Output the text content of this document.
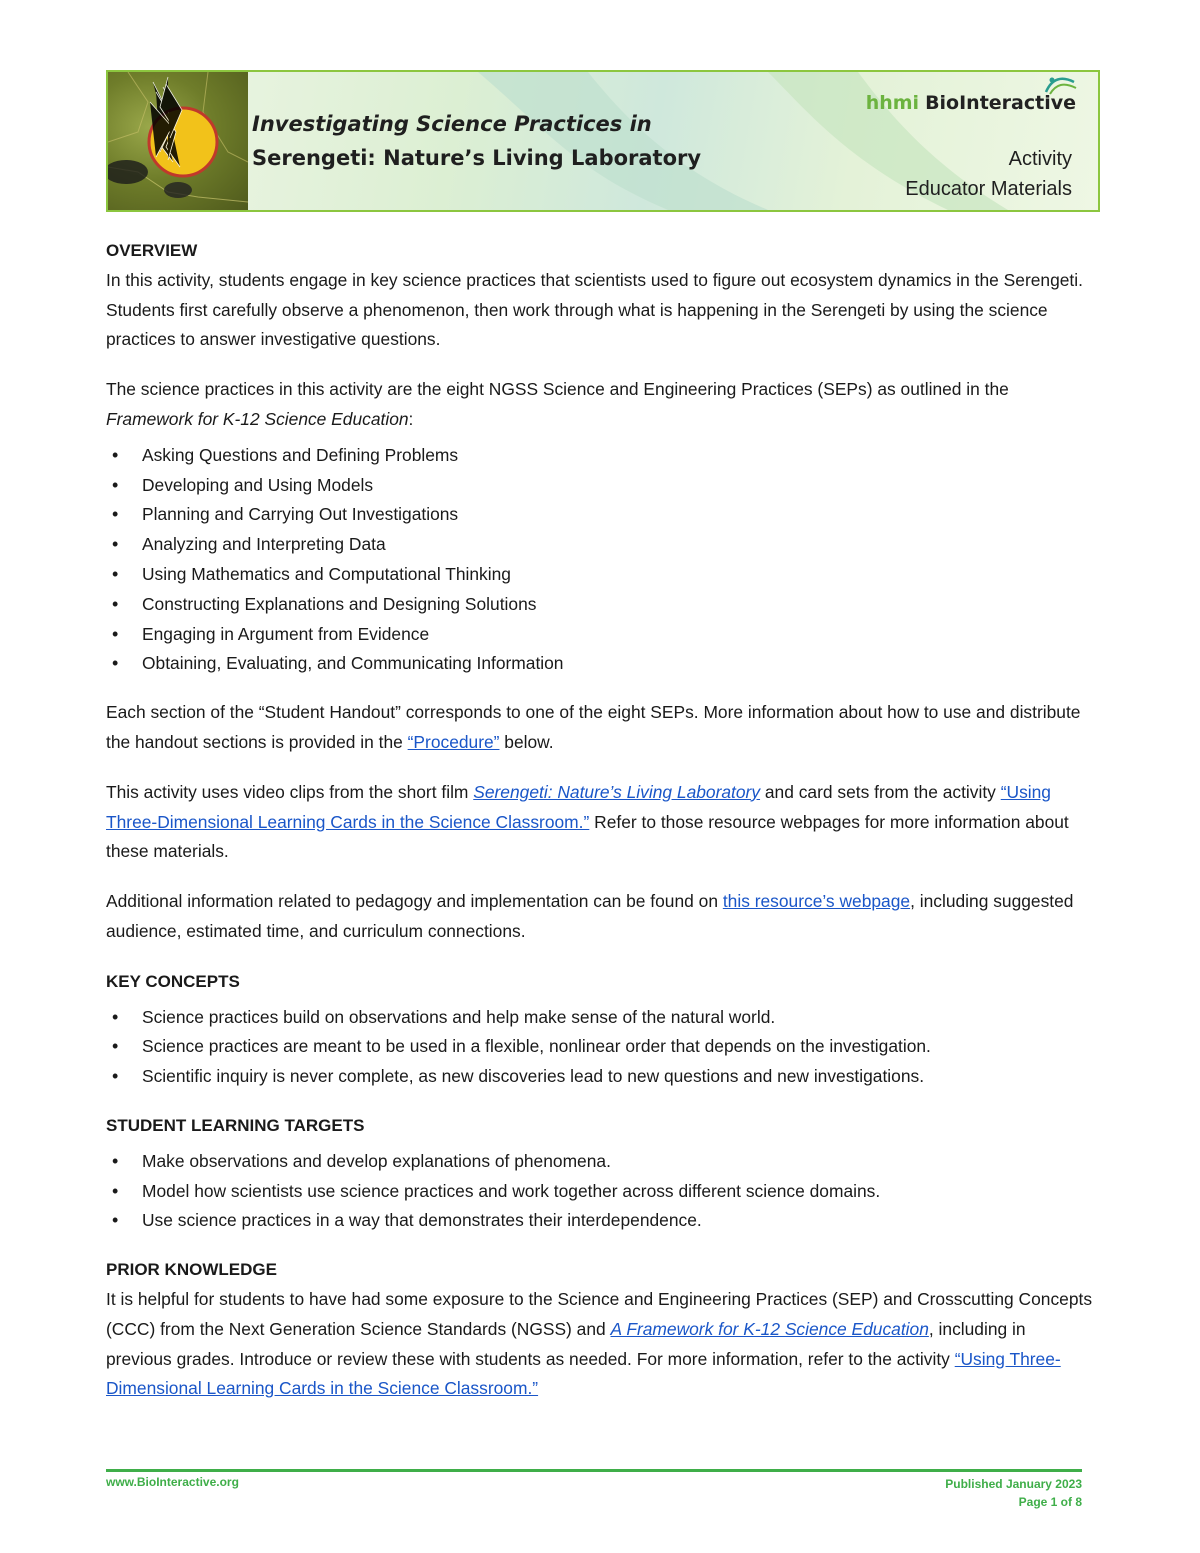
Investigating Science Practices in
Serengeti: Nature’s Living Laboratory
hhmi BioInteractive
Activity
Educator Materials
OVERVIEW

In this activity, students engage in key science practices that scientists used to figure out ecosystem dynamics in the Serengeti. Students first carefully observe a phenomenon, then work through what is happening in the Serengeti by using the science practices to answer investigative questions.

The science practices in this activity are the eight NGSS Science and Engineering Practices (SEPs) as outlined in the Framework for K-12 Science Education:

• Asking Questions and Defining Problems
• Developing and Using Models
• Planning and Carrying Out Investigations
• Analyzing and Interpreting Data
• Using Mathematics and Computational Thinking
• Constructing Explanations and Designing Solutions
• Engaging in Argument from Evidence
• Obtaining, Evaluating, and Communicating Information

Each section of the “Student Handout” corresponds to one of the eight SEPs. More information about how to use and distribute the handout sections is provided in the “Procedure” below.

This activity uses video clips from the short film Serengeti: Nature’s Living Laboratory and card sets from the activity “Using Three-Dimensional Learning Cards in the Science Classroom.” Refer to those resource webpages for more information about these materials.

Additional information related to pedagogy and implementation can be found on this resource’s webpage, including suggested audience, estimated time, and curriculum connections.

KEY CONCEPTS
• Science practices build on observations and help make sense of the natural world.
• Science practices are meant to be used in a flexible, nonlinear order that depends on the investigation.
• Scientific inquiry is never complete, as new discoveries lead to new questions and new investigations.
STUDENT LEARNING TARGETS
• Make observations and develop explanations of phenomena.
• Model how scientists use science practices and work together across different science domains.
• Use science practices in a way that demonstrates their interdependence.
PRIOR KNOWLEDGE

It is helpful for students to have had some exposure to the Science and Engineering Practices (SEP) and Crosscutting Concepts (CCC) from the Next Generation Science Standards (NGSS) and A Framework for K-12 Science Education, including in previous grades. Introduce or review these with students as needed. For more information, refer to the activity “Using Three-Dimensional Learning Cards in the Science Classroom.”

www.BioInteractive.org	Published January 2023
Page 1 of 8
